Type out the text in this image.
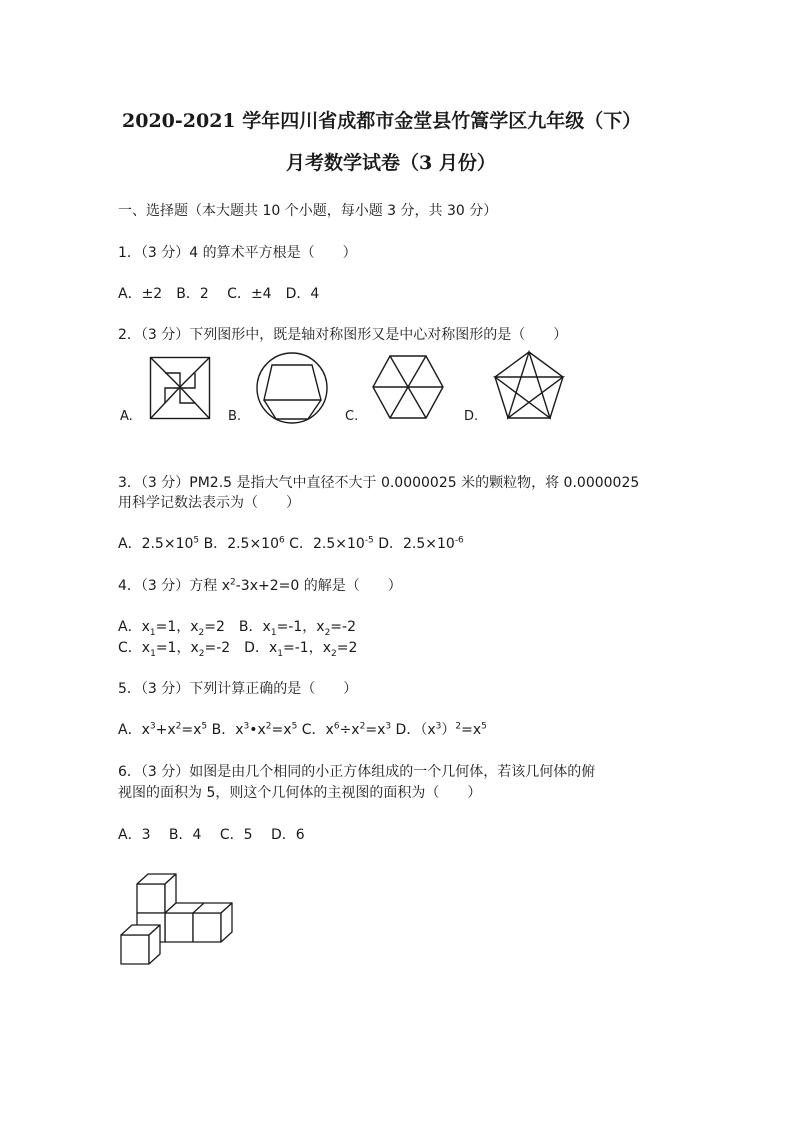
2020-2021 学年四川省成都市金堂县竹篙学区九年级（下）
月考数学试卷（3 月份）
一、选择题（本大题共 10 个小题，每小题 3 分，共 30 分）
1．（3 分）4 的算术平方根是（　　）
A．±2　B．2　 C．±4　D．4
2．（3 分）下列图形中，既是轴对称图形又是中心对称图形的是（　　）
A.	B.	C.	D.
3．（3 分）PM2.5 是指大气中直径不大于 0.0000025 米的颗粒物，将 0.0000025
用科学记数法表示为（　　）
A．$2.5\times 10^5$ B．$2.5\times 10^6$ C．$2.5\times 10^{-5}$ D．$2.5\times 10^{-6}$
4．（3 分）方程 $x^2-3x+2=0$ 的解是（　　）
A．$x_1=1$，$x_2=2$　B．$x_1=-1$，$x_2=-2$
C．$x_1=1$，$x_2=-2$　D．$x_1=-1$，$x_2=2$
5．（3 分）下列计算正确的是（　　）
A．$x^3+x^2=x^5$ B．$x^3•x^2=x^5$ C．$x^6\div x^2=x^3$ D．$(x^3)^2=x^5$
6．（3 分）如图是由几个相同的小正方体组成的一个几何体，若该几何体的俯
视图的面积为 5，则这个几何体的主视图的面积为（　　）
A．3　 B．4　 C．5　 D．6
